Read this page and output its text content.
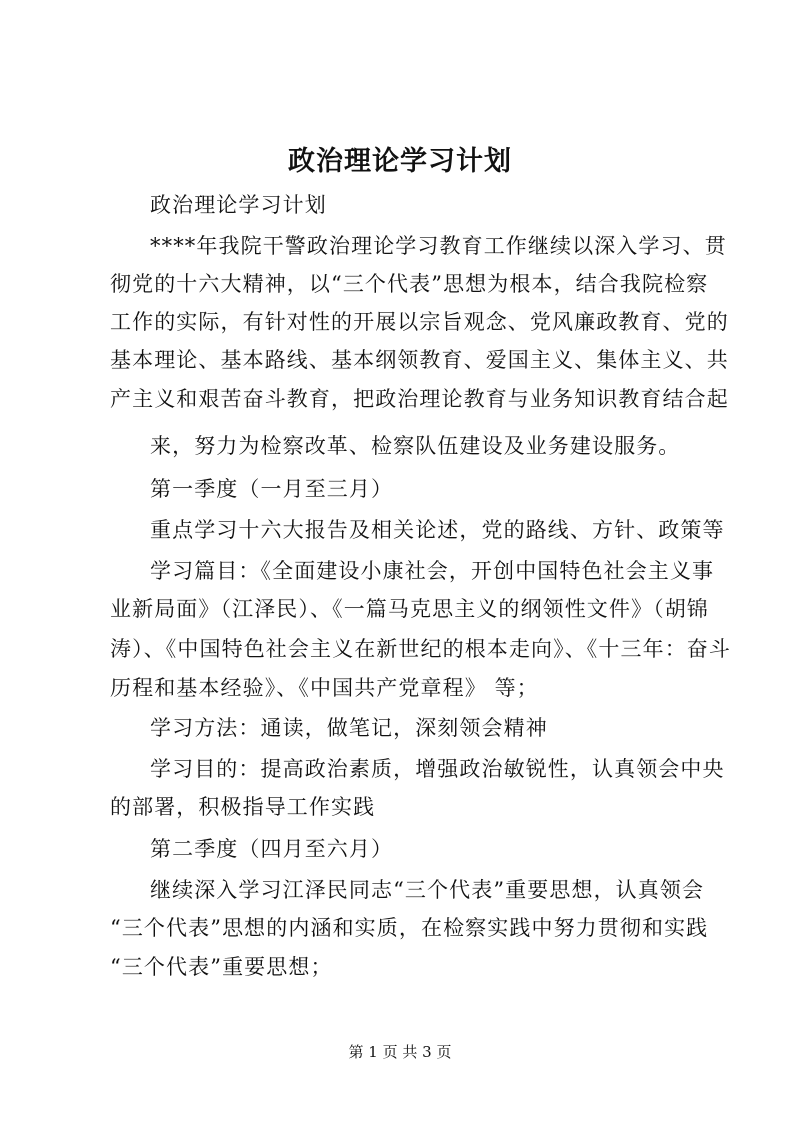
政治理论学习计划
政治理论学习计划
****年我院干警政治理论学习教育工作继续以深入学习、贯
彻党的十六大精神，以“三个代表”思想为根本，结合我院检察
工作的实际，有针对性的开展以宗旨观念、党风廉政教育、党的
基本理论、基本路线、基本纲领教育、爱国主义、集体主义、共
产主义和艰苦奋斗教育，把政治理论教育与业务知识教育结合起
来，努力为检察改革、检察队伍建设及业务建设服务。
第一季度（一月至三月）
重点学习十六大报告及相关论述，党的路线、方针、政策等
学习篇目：《全面建设小康社会，开创中国特色社会主义事
业新局面》（江泽民）、《一篇马克思主义的纲领性文件》（胡锦
涛）、《中国特色社会主义在新世纪的根本走向》、《十三年：奋斗
历程和基本经验》、《中国共产党章程》 等；
学习方法：通读，做笔记，深刻领会精神
学习目的：提高政治素质，增强政治敏锐性，认真领会中央
的部署，积极指导工作实践
第二季度（四月至六月）
继续深入学习江泽民同志“三个代表”重要思想，认真领会
“三个代表”思想的内涵和实质，在检察实践中努力贯彻和实践
“三个代表”重要思想；
第 1 页 共 3 页
